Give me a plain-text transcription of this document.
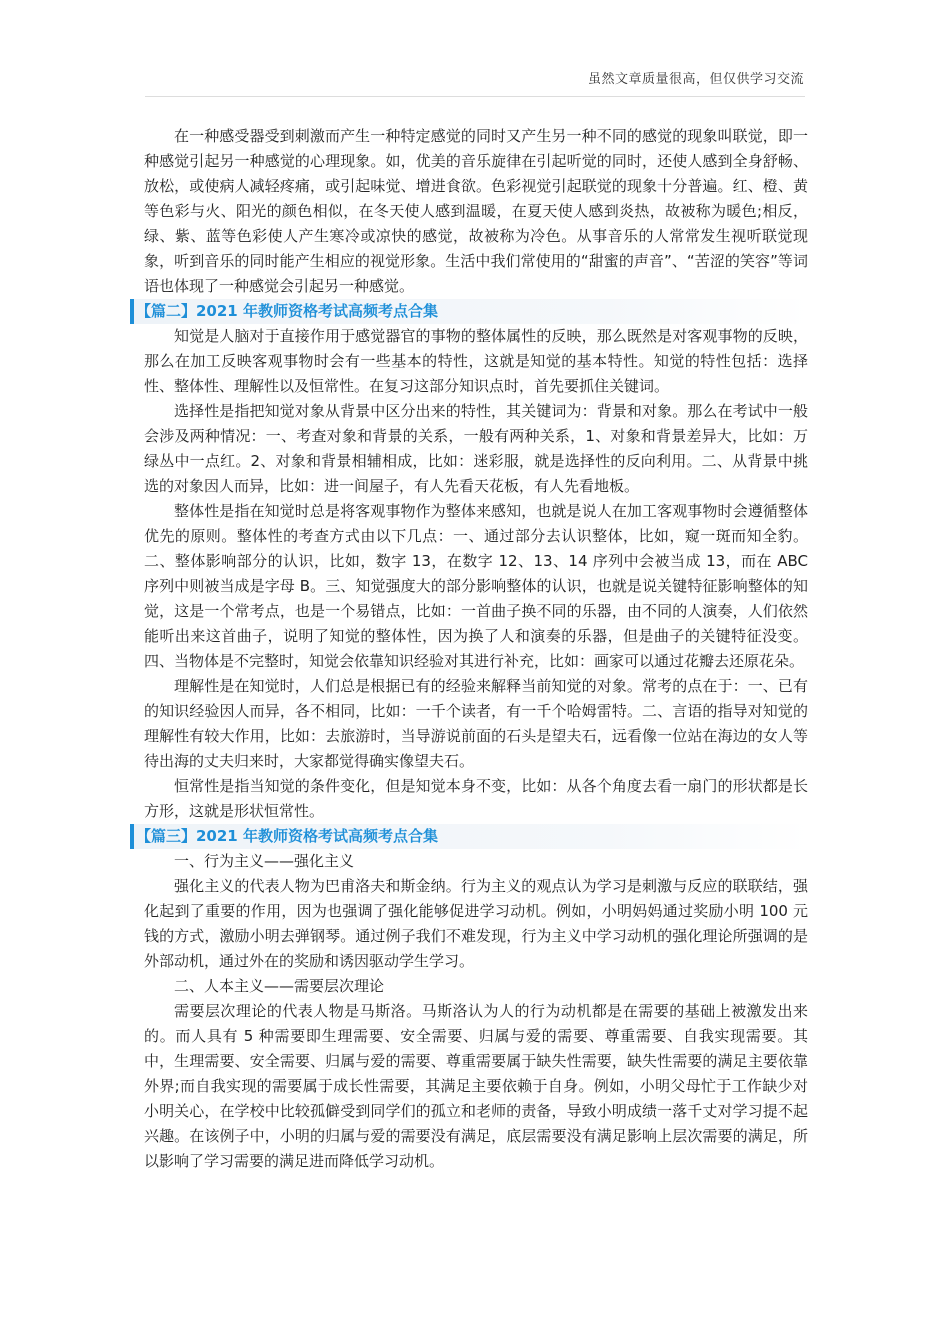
虽然文章质量很高，但仅供学习交流

在一种感受器受到刺激而产生一种特定感觉的同时又产生另一种不同的感觉的现象叫联觉，即一种感觉引起另一种感觉的心理现象。如，优美的音乐旋律在引起听觉的同时，还使人感到全身舒畅、放松，或使病人减轻疼痛，或引起味觉、增进食欲。色彩视觉引起联觉的现象十分普遍。红、橙、黄等色彩与火、阳光的颜色相似，在冬天使人感到温暖，在夏天使人感到炎热，故被称为暖色;相反，绿、紫、蓝等色彩使人产生寒冷或凉快的感觉，故被称为冷色。从事音乐的人常常发生视听联觉现象，听到音乐的同时能产生相应的视觉形象。生活中我们常使用的“甜蜜的声音”、“苦涩的笑容”等词语也体现了一种感觉会引起另一种感觉。

【篇二】2021 年教师资格考试高频考点合集

知觉是人脑对于直接作用于感觉器官的事物的整体属性的反映，那么既然是对客观事物的反映，那么在加工反映客观事物时会有一些基本的特性，这就是知觉的基本特性。知觉的特性包括：选择性、整体性、理解性以及恒常性。在复习这部分知识点时，首先要抓住关键词。

选择性是指把知觉对象从背景中区分出来的特性，其关键词为：背景和对象。那么在考试中一般会涉及两种情况：一、考查对象和背景的关系，一般有两种关系，1、对象和背景差异大，比如：万绿丛中一点红。2、对象和背景相辅相成，比如：迷彩服，就是选择性的反向利用。二、从背景中挑选的对象因人而异，比如：进一间屋子，有人先看天花板，有人先看地板。

整体性是指在知觉时总是将客观事物作为整体来感知，也就是说人在加工客观事物时会遵循整体优先的原则。整体性的考查方式由以下几点：一、通过部分去认识整体，比如，窥一斑而知全豹。二、整体影响部分的认识，比如，数字 13，在数字 12、13、14 序列中会被当成 13，而在 ABC 序列中则被当成是字母 B。三、知觉强度大的部分影响整体的认识，也就是说关键特征影响整体的知觉，这是一个常考点，也是一个易错点，比如：一首曲子换不同的乐器，由不同的人演奏，人们依然能听出来这首曲子，说明了知觉的整体性，因为换了人和演奏的乐器，但是曲子的关键特征没变。四、当物体是不完整时，知觉会依靠知识经验对其进行补充，比如：画家可以通过花瓣去还原花朵。

理解性是在知觉时，人们总是根据已有的经验来解释当前知觉的对象。常考的点在于：一、已有的知识经验因人而异，各不相同，比如：一千个读者，有一千个哈姆雷特。二、言语的指导对知觉的理解性有较大作用，比如：去旅游时，当导游说前面的石头是望夫石，远看像一位站在海边的女人等待出海的丈夫归来时，大家都觉得确实像望夫石。

恒常性是指当知觉的条件变化，但是知觉本身不变，比如：从各个角度去看一扇门的形状都是长方形，这就是形状恒常性。

【篇三】2021 年教师资格考试高频考点合集

一、行为主义——强化主义

强化主义的代表人物为巴甫洛夫和斯金纳。行为主义的观点认为学习是刺激与反应的联联结，强化起到了重要的作用，因为也强调了强化能够促进学习动机。例如，小明妈妈通过奖励小明 100 元钱的方式，激励小明去弹钢琴。通过例子我们不难发现，行为主义中学习动机的强化理论所强调的是外部动机，通过外在的奖励和诱因驱动学生学习。

二、人本主义——需要层次理论

需要层次理论的代表人物是马斯洛。马斯洛认为人的行为动机都是在需要的基础上被激发出来的。而人具有 5 种需要即生理需要、安全需要、归属与爱的需要、尊重需要、自我实现需要。其中，生理需要、安全需要、归属与爱的需要、尊重需要属于缺失性需要，缺失性需要的满足主要依靠外界;而自我实现的需要属于成长性需要，其满足主要依赖于自身。例如，小明父母忙于工作缺少对小明关心，在学校中比较孤僻受到同学们的孤立和老师的责备，导致小明成绩一落千丈对学习提不起兴趣。在该例子中，小明的归属与爱的需要没有满足，底层需要没有满足影响上层次需要的满足，所以影响了学习需要的满足进而降低学习动机。
